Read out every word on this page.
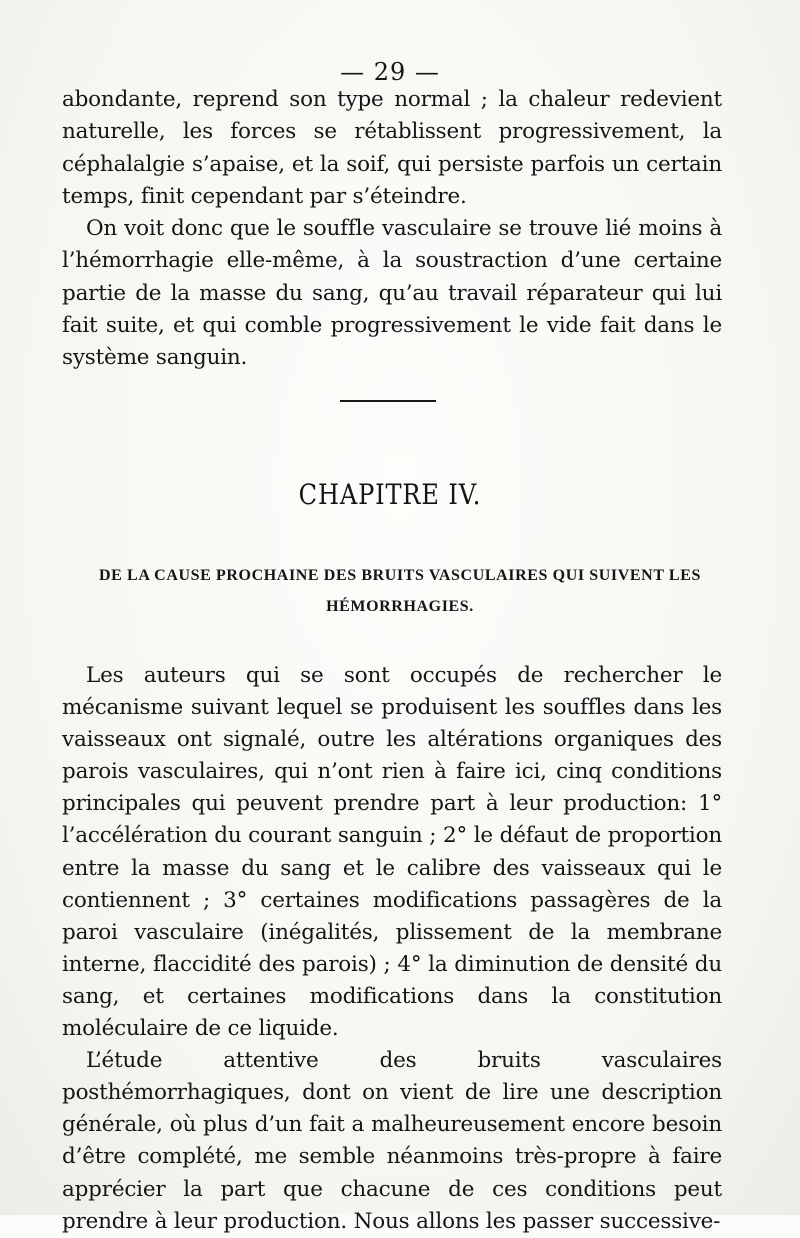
— 29 —

abondante, reprend son type normal ; la chaleur redevient naturelle, les forces se rétablissent progressivement, la céphalalgie s’apaise, et la soif, qui persiste parfois un certain temps, finit cependant par s’éteindre.

On voit donc que le souffle vasculaire se trouve lié moins à l’hémorrhagie elle-même, à la soustraction d’une certaine partie de la masse du sang, qu’au travail réparateur qui lui fait suite, et qui comble progressivement le vide fait dans le système sanguin.

CHAPITRE IV.
DE LA CAUSE PROCHAINE DES BRUITS VASCULAIRES QUI SUIVENT LES HÉMORRHAGIES.

Les auteurs qui se sont occupés de rechercher le mécanisme suivant lequel se produisent les souffles dans les vaisseaux ont signalé, outre les altérations organiques des parois vasculaires, qui n’ont rien à faire ici, cinq conditions principales qui peuvent prendre part à leur production: 1° l’accélération du courant sanguin ; 2° le défaut de proportion entre la masse du sang et le calibre des vaisseaux qui le contiennent ; 3° certaines modifications passagères de la paroi vasculaire (inégalités, plissement de la membrane interne, flaccidité des parois) ; 4° la diminution de densité du sang, et certaines modifications dans la constitution moléculaire de ce liquide.

L’étude attentive des bruits vasculaires posthémorrhagiques, dont on vient de lire une description générale, où plus d’un fait a malheureusement encore besoin d’être complété, me semble néanmoins très-propre à faire apprécier la part que chacune de ces conditions peut prendre à leur production. Nous allons les passer successive-
